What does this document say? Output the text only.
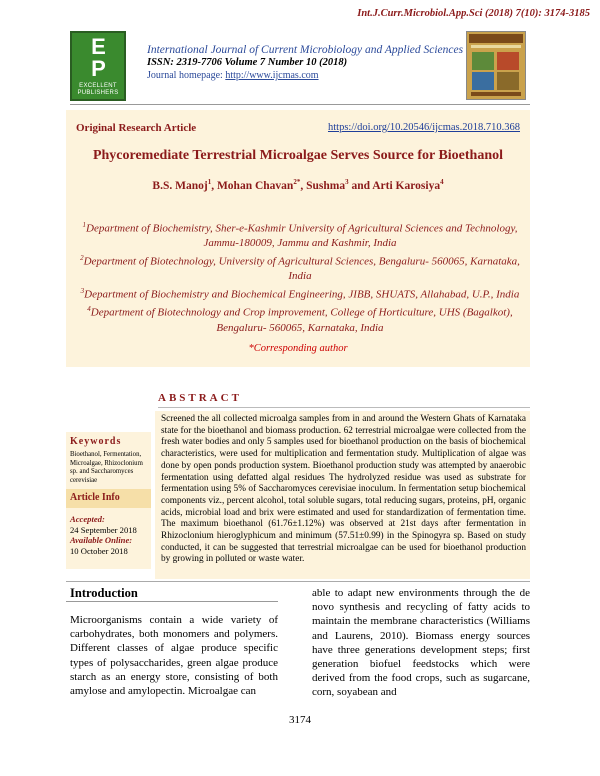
Int.J.Curr.Microbiol.App.Sci (2018) 7(10): 3174-3185
E
P
EXCELLENT PUBLISHERS
International Journal of Current Microbiology and Applied Sciences
ISSN: 2319-7706 Volume 7 Number 10 (2018)
Journal homepage: http://www.ijcmas.com
Original Research Article	https://doi.org/10.20546/ijcmas.2018.710.368
Phycoremediate Terrestrial Microalgae Serves Source for Bioethanol
B.S. Manoj$^1$, Mohan Chavan$^{2*}$, Sushma$^3$ and Arti Karosiya$^4$
$^1$Department of Biochemistry, Sher-e-Kashmir University of Agricultural Sciences and Technology, Jammu-180009, Jammu and Kashmir, India
$^2$Department of Biotechnology, University of Agricultural Sciences, Bengaluru- 560065, Karnataka, India
$^3$Department of Biochemistry and Biochemical Engineering, JIBB, SHUATS, Allahabad, U.P., India
$^4$Department of Biotechnology and Crop improvement, College of Horticulture, UHS (Bagalkot), Bengaluru- 560065, Karnataka, India
*Corresponding author
ABSTRACT
Screened the all collected microalga samples from in and around the Western Ghats of Karnataka state for the bioethanol and biomass production. 62 terrestrial microalgae were collected from the fresh water bodies and only 5 samples used for bioethanol production on the basis of biochemical characteristics, were used for multiplication and fermentation study. Multiplication of algae was done by open ponds production system. Bioethanol production study was attempted by anaerobic fermentation using defatted algal residues The hydrolyzed residue was used as substrate for fermentation using 5% of Saccharomyces cerevisiae inoculum. In fermentation setup biochemical components viz., percent alcohol, total soluble sugars, total reducing sugars, proteins, pH, organic acids, microbial load and brix were estimated and used for standardization of fermentation time. The maximum bioethanol (61.76±1.12%) was observed at 21st days after fermentation in Rhizoclonium hieroglyphicum and minimum (57.51±0.99) in the Spinogyra sp. Based on study conducted, it can be suggested that terrestrial microalgae can be used for bioethanol production by growing in polluted or waste water.
Keywords
Bioethanol, Fermentation, Microalgae, Rhizoclonium sp. and Saccharomyces cerevisiae
Article Info
Accepted:
24 September 2018
Available Online:
10 October 2018
Introduction
Microorganisms contain a wide variety of carbohydrates, both monomers and polymers. Different classes of algae produce specific types of polysaccharides, green algae produce starch as an energy store, consisting of both amylose and amylopectin. Microalgae can
able to adapt new environments through the de novo synthesis and recycling of fatty acids to maintain the membrane characteristics (Williams and Laurens, 2010). Biomass energy sources have three generations development steps; first generation biofuel feedstocks which were derived from the food crops, such as sugarcane, corn, soyabean and
3174
